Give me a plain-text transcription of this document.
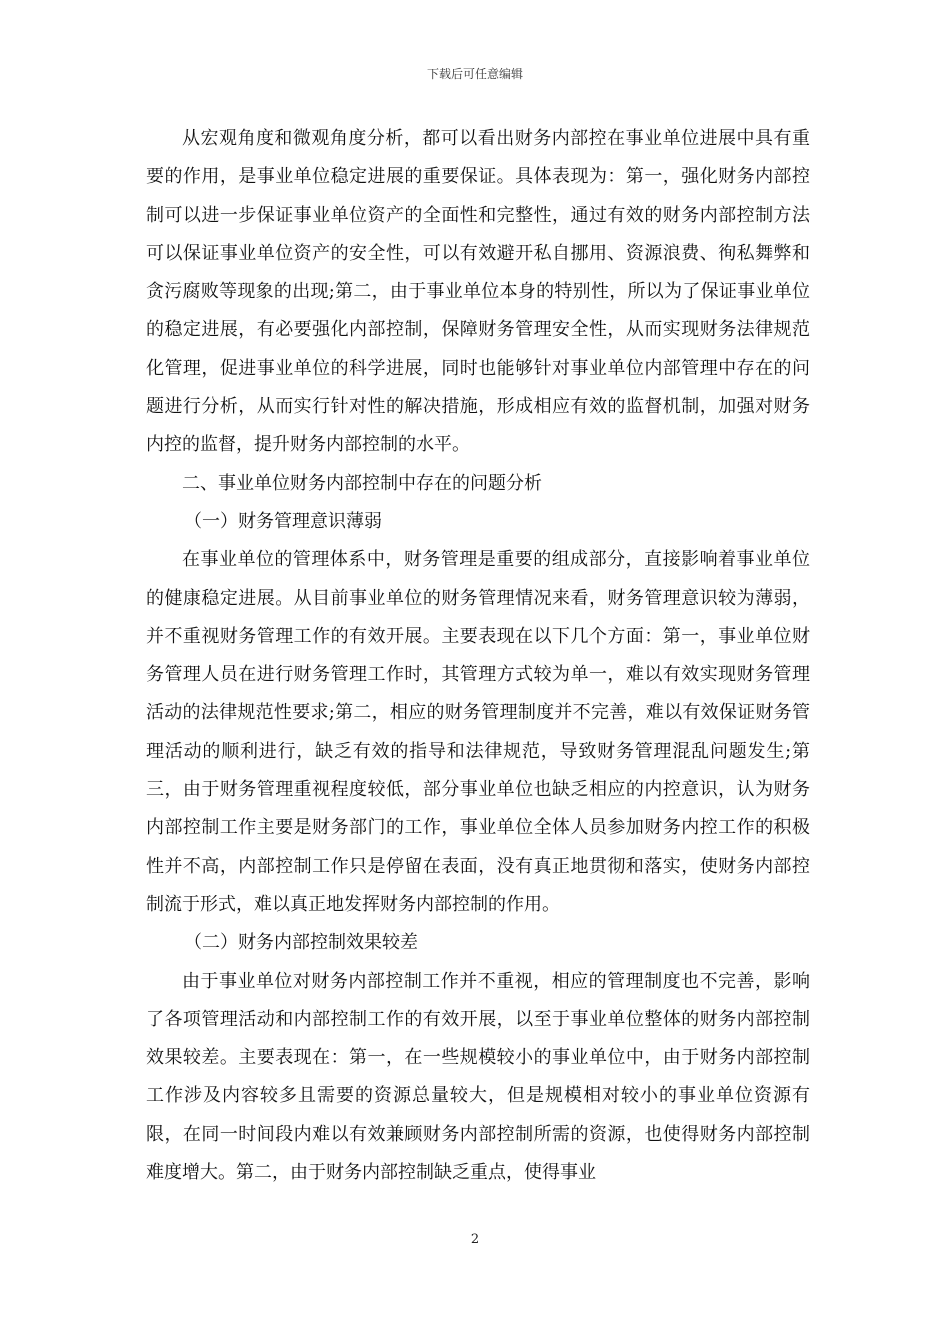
下载后可任意编辑

从宏观角度和微观角度分析，都可以看出财务内部控在事业单位进展中具有重要的作用，是事业单位稳定进展的重要保证。具体表现为：第一，强化财务内部控制可以进一步保证事业单位资产的全面性和完整性，通过有效的财务内部控制方法可以保证事业单位资产的安全性，可以有效避开私自挪用、资源浪费、徇私舞弊和贪污腐败等现象的出现;第二，由于事业单位本身的特别性，所以为了保证事业单位的稳定进展，有必要强化内部控制，保障财务管理安全性，从而实现财务法律规范化管理，促进事业单位的科学进展，同时也能够针对事业单位内部管理中存在的问题进行分析，从而实行针对性的解决措施，形成相应有效的监督机制，加强对财务内控的监督，提升财务内部控制的水平。

二、事业单位财务内部控制中存在的问题分析

（一）财务管理意识薄弱

在事业单位的管理体系中，财务管理是重要的组成部分，直接影响着事业单位的健康稳定进展。从目前事业单位的财务管理情况来看，财务管理意识较为薄弱，并不重视财务管理工作的有效开展。主要表现在以下几个方面：第一，事业单位财务管理人员在进行财务管理工作时，其管理方式较为单一，难以有效实现财务管理活动的法律规范性要求;第二，相应的财务管理制度并不完善，难以有效保证财务管理活动的顺利进行，缺乏有效的指导和法律规范，导致财务管理混乱问题发生;第三，由于财务管理重视程度较低，部分事业单位也缺乏相应的内控意识，认为财务内部控制工作主要是财务部门的工作，事业单位全体人员参加财务内控工作的积极性并不高，内部控制工作只是停留在表面，没有真正地贯彻和落实，使财务内部控制流于形式，难以真正地发挥财务内部控制的作用。

（二）财务内部控制效果较差

由于事业单位对财务内部控制工作并不重视，相应的管理制度也不完善，影响了各项管理活动和内部控制工作的有效开展，以至于事业单位整体的财务内部控制效果较差。主要表现在：第一，在一些规模较小的事业单位中，由于财务内部控制工作涉及内容较多且需要的资源总量较大，但是规模相对较小的事业单位资源有限，在同一时间段内难以有效兼顾财务内部控制所需的资源，也使得财务内部控制难度增大。第二，由于财务内部控制缺乏重点，使得事业

2
